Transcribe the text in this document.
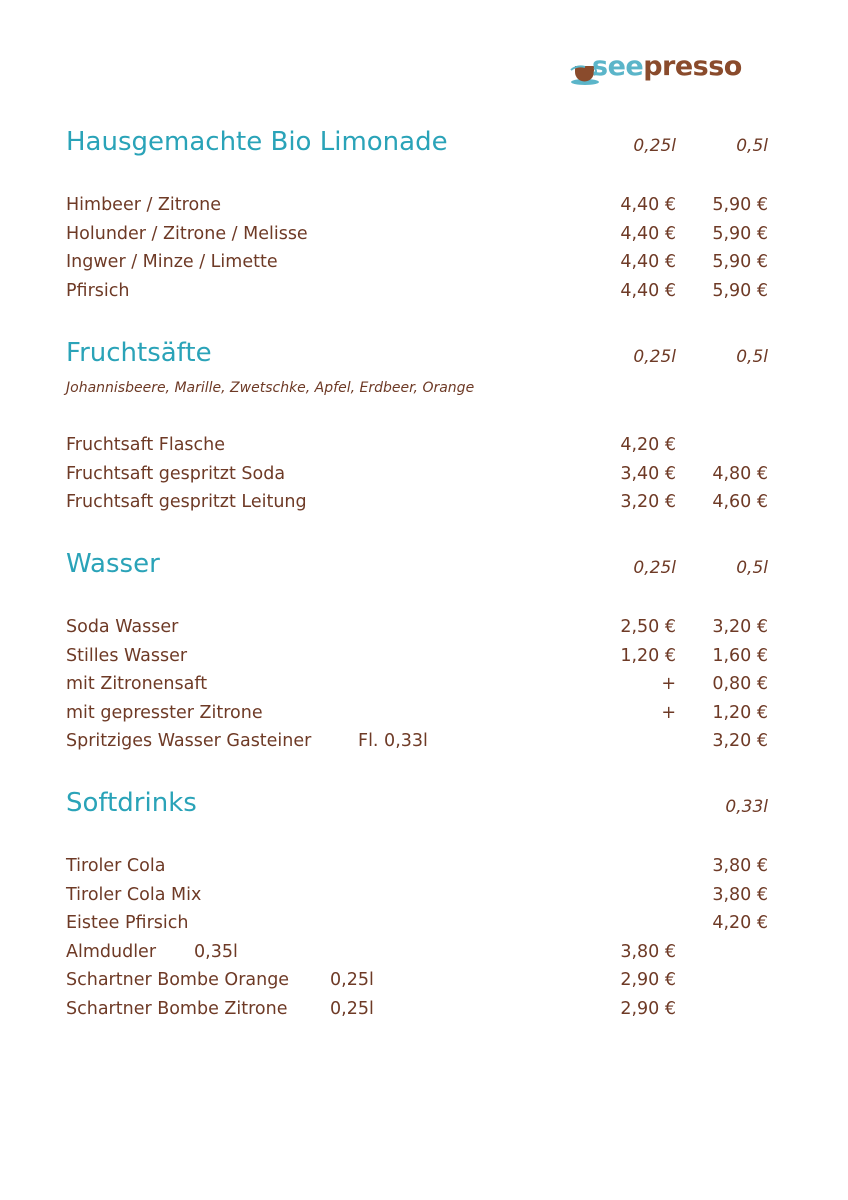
seepresso
Hausgemachte Bio Limonade	0,25l	0,5l
Himbeer / Zitrone	4,40 €	5,90 €
Holunder / Zitrone / Melisse	4,40 €	5,90 €
Ingwer / Minze / Limette	4,40 €	5,90 €
Pfirsich	4,40 €	5,90 €
Fruchtsäfte	0,25l	0,5l
Johannisbeere, Marille, Zwetschke, Apfel, Erdbeer, Orange
Fruchtsaft Flasche	4,20 €
Fruchtsaft gespritzt Soda	3,40 €	4,80 €
Fruchtsaft gespritzt Leitung	3,20 €	4,60 €
Wasser	0,25l	0,5l
Soda Wasser	2,50 €	3,20 €
Stilles Wasser	1,20 €	1,60 €
mit Zitronensaft	+	0,80 €
mit gepresster Zitrone	+	1,20 €
Spritziges Wasser Gasteiner	Fl. 0,33l	3,20 €
Softdrinks	0,33l
Tiroler Cola	3,80 €
Tiroler Cola Mix	3,80 €
Eistee Pfirsich	4,20 €
Almdudler 0,35l	3,80 €
Schartner Bombe Orange 0,25l	2,90 €
Schartner Bombe Zitrone 0,25l	2,90 €
